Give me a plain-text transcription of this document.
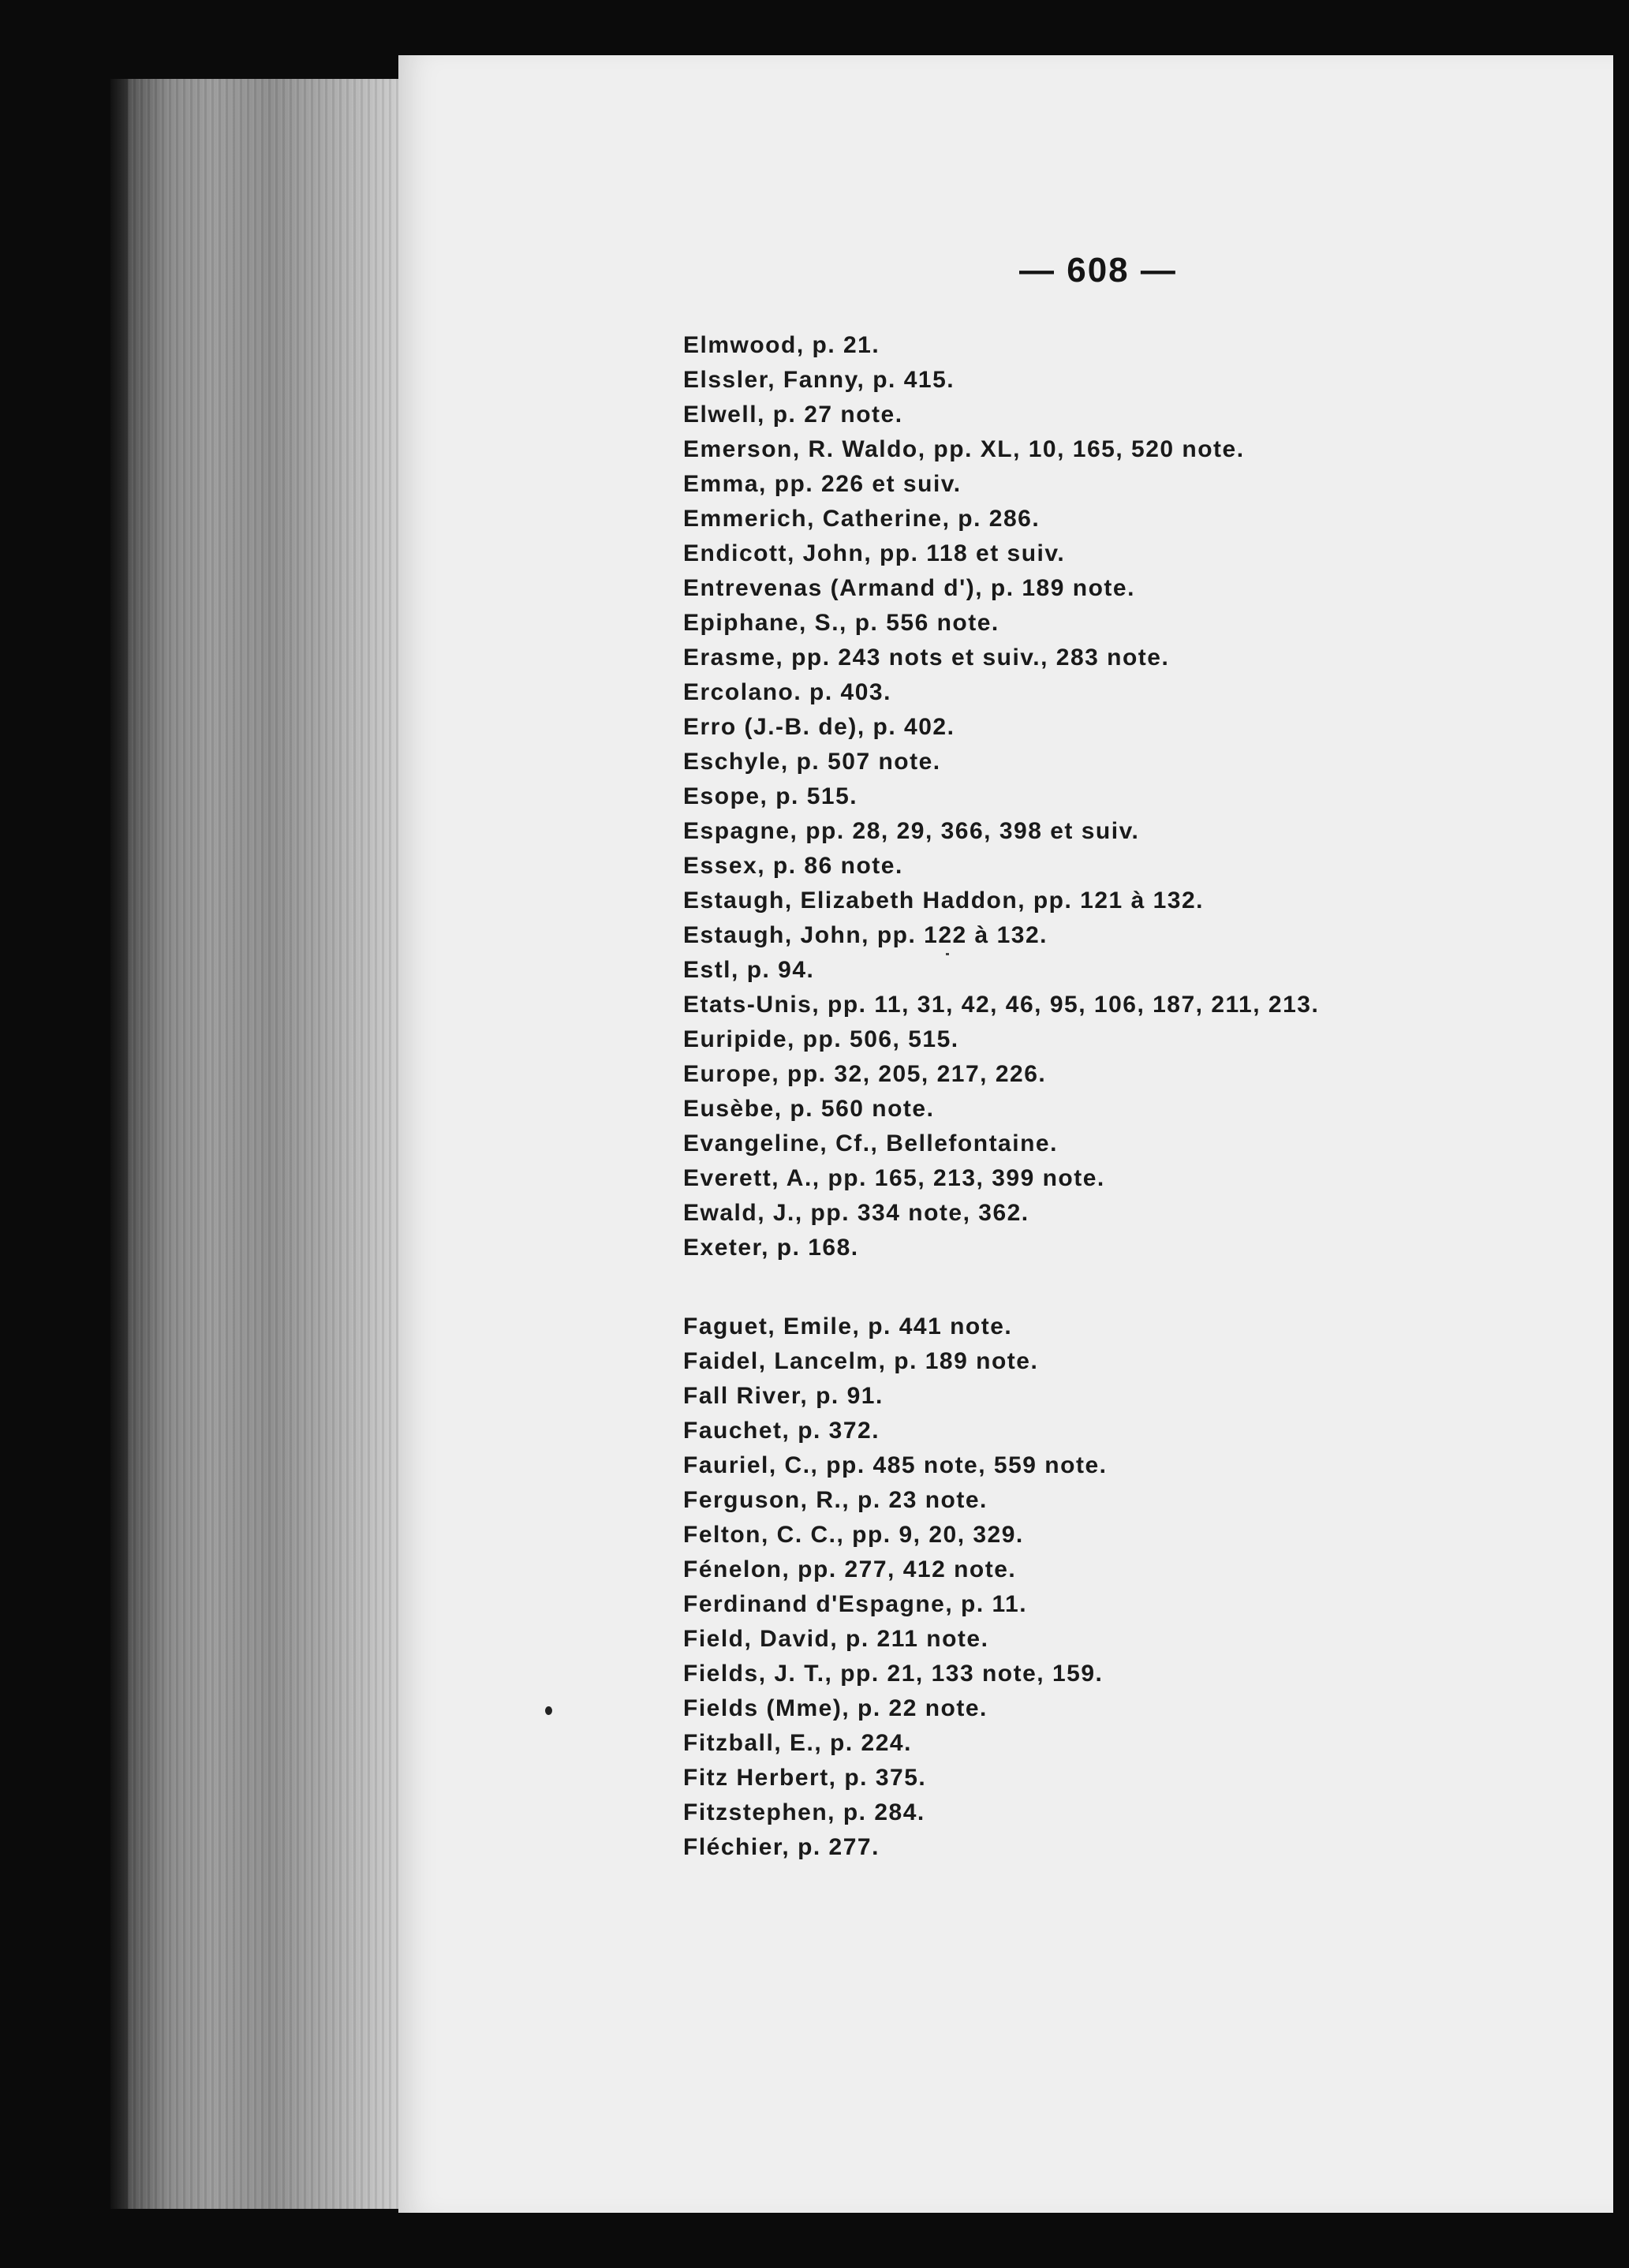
— 608 —
Elmwood, p. 21.
Elssler, Fanny, p. 415.
Elwell, p. 27 note.
Emerson, R. Waldo, pp. XL, 10, 165, 520 note.
Emma, pp. 226 et suiv.
Emmerich, Catherine, p. 286.
Endicott, John, pp. 118 et suiv.
Entrevenas (Armand d'), p. 189 note.
Epiphane, S., p. 556 note.
Erasme, pp. 243 nots et suiv., 283 note.
Ercolano. p. 403.
Erro (J.-B. de), p. 402.
Eschyle, p. 507 note.
Esope, p. 515.
Espagne, pp. 28, 29, 366, 398 et suiv.
Essex, p. 86 note.
Estaugh, Elizabeth Haddon, pp. 121 à 132.
Estaugh, John, pp. 122 à 132.
Estl, p. 94.
Etats-Unis, pp. 11, 31, 42, 46, 95, 106, 187, 211, 213.
Euripide, pp. 506, 515.
Europe, pp. 32, 205, 217, 226.
Eusèbe, p. 560 note.
Evangeline, Cf., Bellefontaine.
Everett, A., pp. 165, 213, 399 note.
Ewald, J., pp. 334 note, 362.
Exeter, p. 168.
Faguet, Emile, p. 441 note.
Faidel, Lancelm, p. 189 note.
Fall River, p. 91.
Fauchet, p. 372.
Fauriel, C., pp. 485 note, 559 note.
Ferguson, R., p. 23 note.
Felton, C. C., pp. 9, 20, 329.
Fénelon, pp. 277, 412 note.
Ferdinand d'Espagne, p. 11.
Field, David, p. 211 note.
Fields, J. T., pp. 21, 133 note, 159.
Fields (Mme), p. 22 note.
Fitzball, E., p. 224.
Fitz Herbert, p. 375.
Fitzstephen, p. 284.
Fléchier, p. 277.
